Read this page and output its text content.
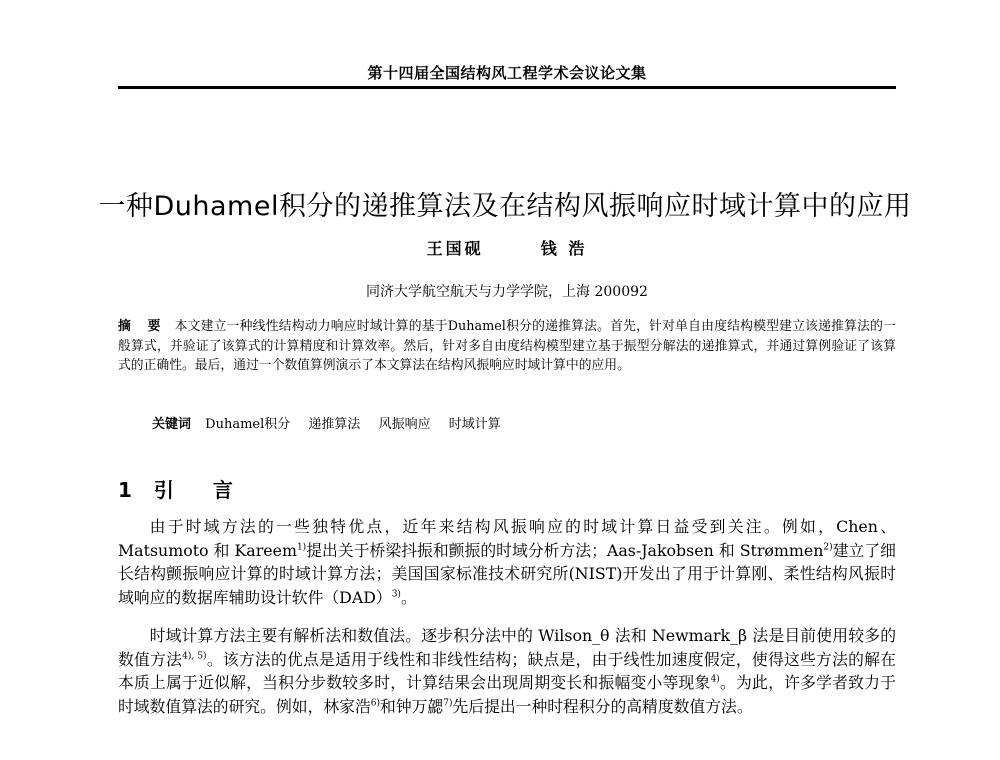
第十四届全国结构风工程学术会议论文集
一种Duhamel积分的递推算法及在结构风振响应时域计算中的应用
王国砚	钱 浩
同济大学航空航天与力学学院，上海 200092
摘 要 本文建立一种线性结构动力响应时域计算的基于Duhamel积分的递推算法。首先，针对单自由度结构模型建立该递推算法的一般算式，并验证了该算式的计算精度和计算效率。然后，针对多自由度结构模型建立基于振型分解法的递推算式，并通过算例验证了该算式的正确性。最后，通过一个数值算例演示了本文算法在结构风振响应时域计算中的应用。
关键词 Duhamel积分 递推算法 风振响应 时域计算
1 引 言

由于时域方法的一些独特优点，近年来结构风振响应的时域计算日益受到关注。例如，Chen、Matsumoto 和 Kareem$^{1)}$提出关于桥梁抖振和颤振的时域分析方法；Aas-Jakobsen 和 Strømmen$^{2)}$建立了细长结构颤振响应计算的时域计算方法；美国国家标准技术研究所(NIST)开发出了用于计算刚、柔性结构风振时域响应的数据库辅助设计软件（DAD）$^{3)}$。

时域计算方法主要有解析法和数值法。逐步积分法中的 Wilson_θ 法和 Newmark_β 法是目前使用较多的数值方法$^{4), 5)}$。该方法的优点是适用于线性和非线性结构；缺点是，由于线性加速度假定，使得这些方法的解在本质上属于近似解，当积分步数较多时，计算结果会出现周期变长和振幅变小等现象$^{4)}$。为此，许多学者致力于时域数值算法的研究。例如，林家浩$^{6)}$和钟万勰$^{7)}$先后提出一种时程积分的高精度数值方法。
